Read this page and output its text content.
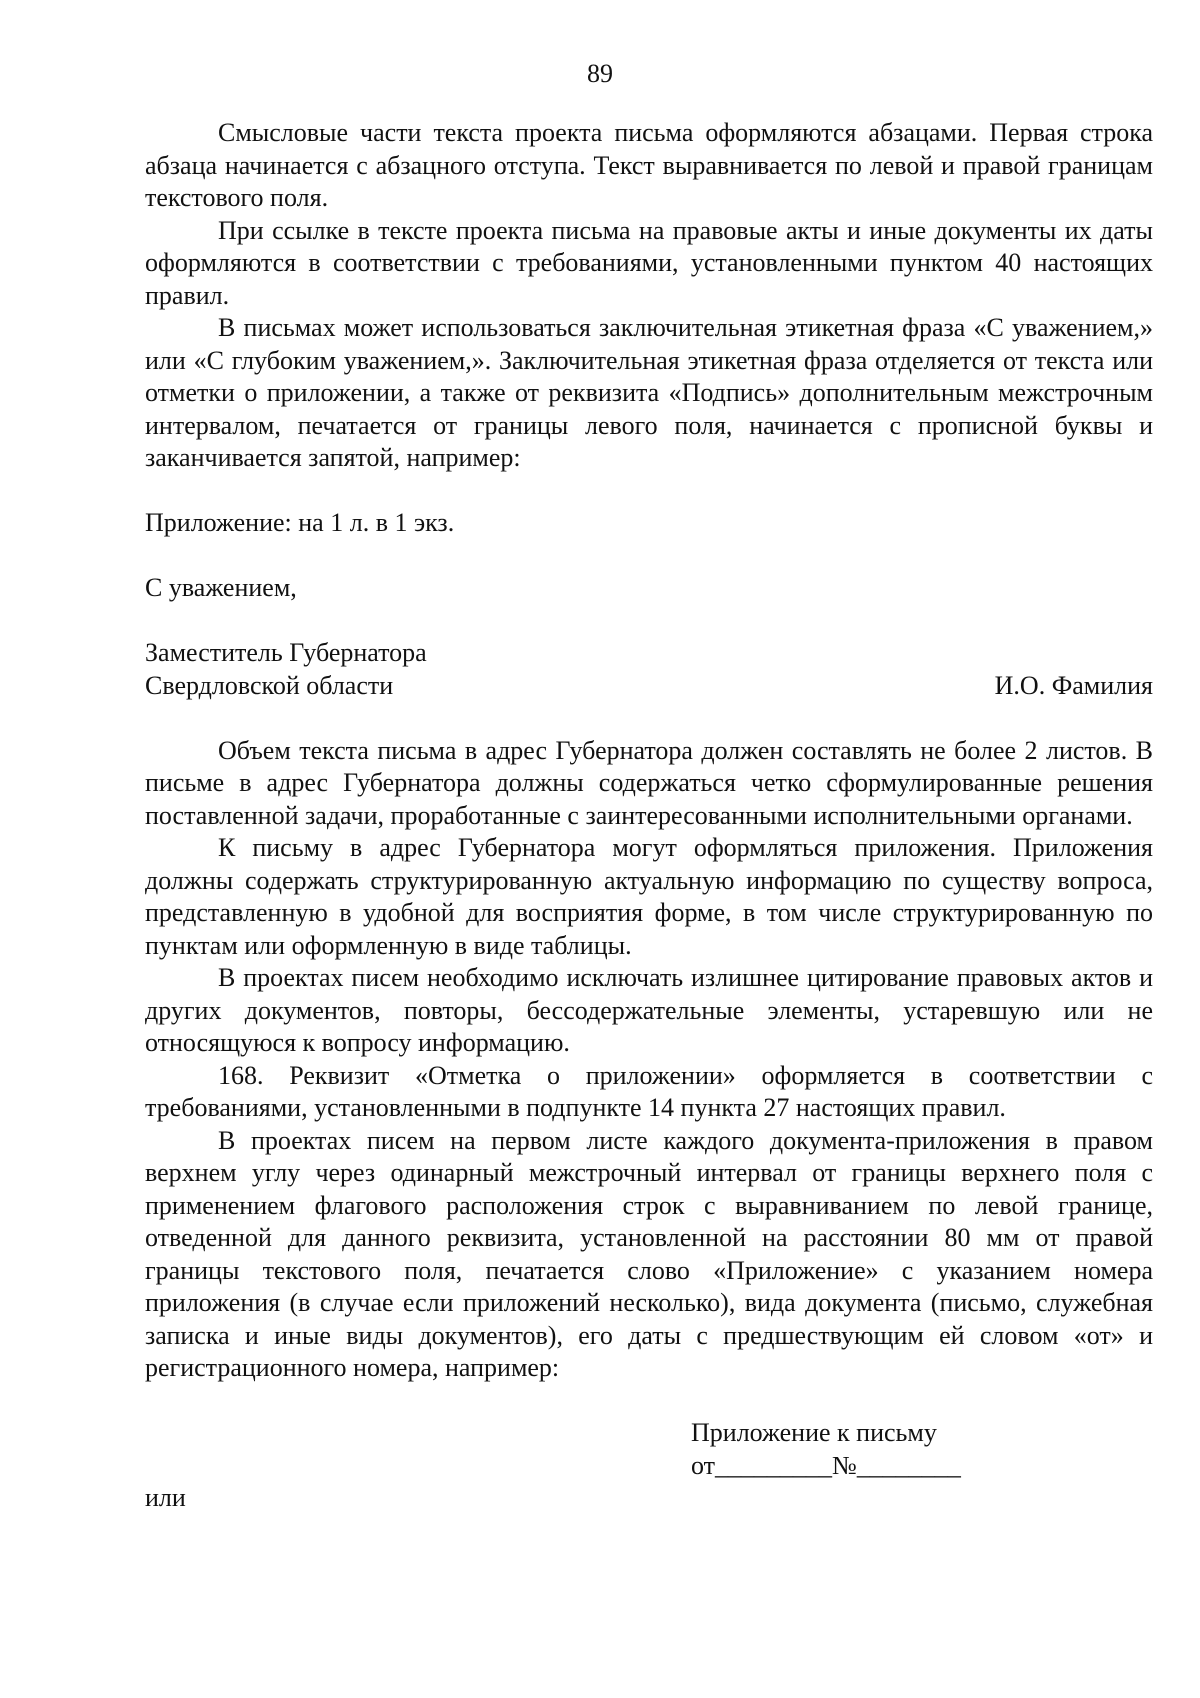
89

Смысловые части текста проекта письма оформляются абзацами. Первая строка абзаца начинается с абзацного отступа. Текст выравнивается по левой и правой границам текстового поля.

При ссылке в тексте проекта письма на правовые акты и иные документы их даты оформляются в соответствии с требованиями, установленными пунктом 40 настоящих правил.

В письмах может использоваться заключительная этикетная фраза «С уважением,» или «С глубоким уважением,». Заключительная этикетная фраза отделяется от текста или отметки о приложении, а также от реквизита «Подпись» дополнительным межстрочным интервалом, печатается от границы левого поля, начинается с прописной буквы и заканчивается запятой, например:

Приложение: на 1 л. в 1 экз.

С уважением,

Заместитель Губернатора
Свердловской области	И.О. Фамилия

Объем текста письма в адрес Губернатора должен составлять не более 2 листов. В письме в адрес Губернатора должны содержаться четко сформулированные решения поставленной задачи, проработанные с заинтересованными исполнительными органами.

К письму в адрес Губернатора могут оформляться приложения. Приложения должны содержать структурированную актуальную информацию по существу вопроса, представленную в удобной для восприятия форме, в том числе структурированную по пунктам или оформленную в виде таблицы.

В проектах писем необходимо исключать излишнее цитирование правовых актов и других документов, повторы, бессодержательные элементы, устаревшую или не относящуюся к вопросу информацию.

168. Реквизит «Отметка о приложении» оформляется в соответствии с требованиями, установленными в подпункте 14 пункта 27 настоящих правил.

В проектах писем на первом листе каждого документа-приложения в правом верхнем углу через одинарный межстрочный интервал от границы верхнего поля с применением флагового расположения строк с выравниванием по левой границе, отведенной для данного реквизита, установленной на расстоянии 80 мм от правой границы текстового поля, печатается слово «Приложение» с указанием номера приложения (в случае если приложений несколько), вида документа (письмо, служебная записка и иные виды документов), его даты с предшествующим ей словом «от» и регистрационного номера, например:

Приложение к письму
от_________№________

или
